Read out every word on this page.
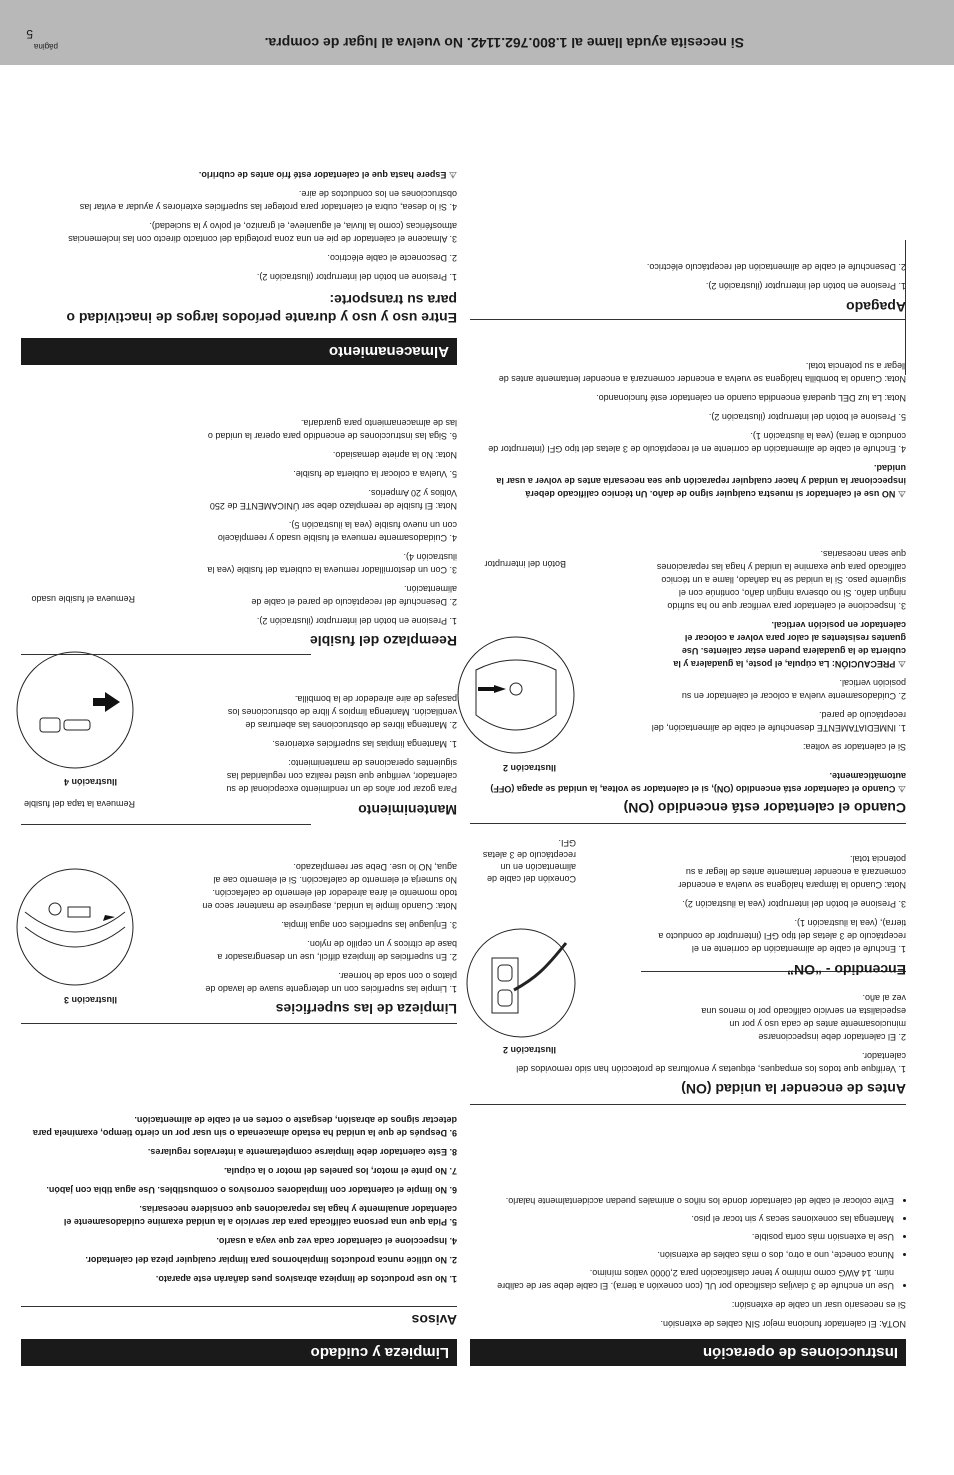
Si necesita ayuda llame al 1.800.762.1142. No vuelva al lugar de compra.
página
5
Instrucciones de operación

NOTA: El calentador funciona mejor SIN cables de extensión.

Si es necesario usar un cable de extensión:

• Use un enchufe de 3 clavijas clasificado por UL (con conexión a tierra). El cable debe ser de calibre núm. 14 AWG como mínimo y tener clasificación para 2,0000 vatios mínimo.
• Nunca conecte, uno a otro, dos o más cables de extensión.
• Use la extensión más corta posible.
• Mantenga las conexiones secas y sin tocar el piso.
• Evite colocar el cable del calentador donde los niños o animales puedan accidentalmente halarlo.
Antes de encender la unidad (ON)

1. Verifique que todos los empaques, etiquetas y envolturas de protección han sido removidos del calentador.

2. El calentador debe inspeccionarse minuciosamente antes de cada uso y por un especialista en servicio calificado por lo menos una vez al año.

Ilustración 2
Conexión del cable de alimentación en un receptáculo de 3 aletas GFI.
Encendido - “ON”

1. Enchufe el cable de alimentación de corriente en el receptáculo de 3 aletas del tipo GFI (interruptor de conducto a tierra), (vea la ilustración 1).

3. Presione el botón del interruptor (vea la ilustración 2).

Nota: Cuando la lámpara halógena se vuelva a encender comenzará a encender lentamente antes de llegar a su potencia total.

Cuando el calentador está encendido (ON)

⚠ Cuando el calentador está encendido (ON), si el calentador se voltea, la unidad se apaga (OFF) automáticamente.

Si el calentador se voltea:

1. INMEDIATAMENTE desenchufe el cable de alimentación, del receptáculo de pared.

2. Cuidadosamente vuelva a colocar el calentador en su posición vertical.

⚠ PRECAUCIÓN: La cúpula, el poste, la guadalera y la cubierta de la guadalera pueden estar calientes. Use guantes resistentes al calor para volver a colocar el calentador en posición vertical.

3. Inspeccione el calentador para verificar que no ha sufrido ningún daño. Si no observa ningún daño, continúe con el siguiente paso. Si la unidad se ha dañado, llame a un técnico calificado para que examine la unidad y haga las reparaciones que sean necesarias.

⚠ NO use el calentador si muestra cualquier signo de daño. Un técnico calificado deberá inspeccionar la unidad y hacer cualquier reparación que sea necesaria antes de volver a usar la unidad.

4. Enchufe el cable de alimentación de corriente en el receptáculo de 3 aletas del tipo GFI (interruptor de conducto a tierra) (vea la ilustración 1).

5. Presione el botón del interruptor (ilustración 2).

Nota: La luz DEL quedará encendida cuando en calentador esté funcionando.

Nota: Cuando la bombilla halógena se vuelva a encender comenzará a encender lentamente antes de llegar a su potencia total.

Ilustración 2
Botón del interruptor
Apagado

1. Presione en botón del interruptor (ilustración 2).

2. Desenchufe el cable de alimentación del receptáculo eléctrico.

Limpieza y cuidado
Avisos

1. No use productos de limpieza abrasivos pues dañarán este aparato.

2. No utilice nunca productos limpiahornos para limpiar cualquier pieza del calentador.

4. Inspeccione el calentador cada vez que vaya a usarlo.

5. Pida que una persona calificada para dar servicio a la unidad examine cuidadosamente el calentador anualmente y haga las reparaciones que considere necesarias.

6. No limpie el calentador con limpiadores corrosivos o combustibles. Use agua tibia con jabón.

7. No pinte el motor, los paneles del motor o la cúpula.

8. Este calentador debe limpiarse completamente a intervalos regulares.

9. Después de que la unidad ha estado almacenada o sin usar por un cierto tiempo, examínela para detectar signos de abrasión, desgaste o cortes en el cable de alimentación.

Limpieza de las superficies

1. Limpie las superficies con un detergente suave de lavado de platos o con soda de hornear.

2. En superficies de limpieza difícil, use un desengrasador a base de cítricos y un cepillo de nylon.

3. Enjuague las superficies con agua limpia.

Nota: Cuando limpie la unidad, asegúrese de mantener seco en todo momento el área alrededor del elemento de calefacción. No sumerja el elemento de calefacción. Si el elemento cae al agua, NO lo use. Debe ser reemplazado.

Ilustración 3
Remueva la tapa del fusible	Mantenimiento

Para gozar por años de un rendimiento excepcional de su calentador, verifique que usted realiza con regularidad las siguientes operaciones de mantenimiento:

1. Mantenga limpias las superficies exteriores.

2. Mantenga libres de obstrucciones las aberturas de ventilación. Mantenga limpios y libre de obstrucciones los pasajes de aire alrededor de la bombilla.

Ilustración 4
Remueva el fusible usado
Reemplazo del fusible

1. Presione en botón del interruptor (ilustración 2).

2. Desenchufe del receptáculo de pared el cable de alimentación.

3. Con un destornillador remueva la cubierta del fusible (vea la ilustración 4).

4. Cuidadosamente remueva el fusible usado y reemplácelo con un nuevo fusible (vea la ilustración 5).

Nota: El fusible de reemplazo debe ser ÚNICAMENTE de 250 Voltios y 20 Amperios.

5. Vuelva a colocar la cubierta de fusible.

Nota: No la apriete demasiado.

6. Siga las instrucciones de encendido para operar la unidad o las de almacenamiento para guardarla.

Almacenamiento
Entre uso y uso y durante períodos largos de inactividad o para su transporte:

1. Presione en botón del interruptor (ilustración 2).

2. Desconecte el cable eléctrico.

3. Almacene el calentador de pie en una zona protegida del contacto directo con las inclemencias atmosféricas (como la lluvia, el aguanieve, el granizo, el polvo y la suciedad).

4. Si lo desea, cubra el calentador para proteger las superficies exteriores y ayudar a evitar las obstrucciones en los conductos de aire.

⚠ Espere hasta que el calentador esté frío antes de cubrirlo.
